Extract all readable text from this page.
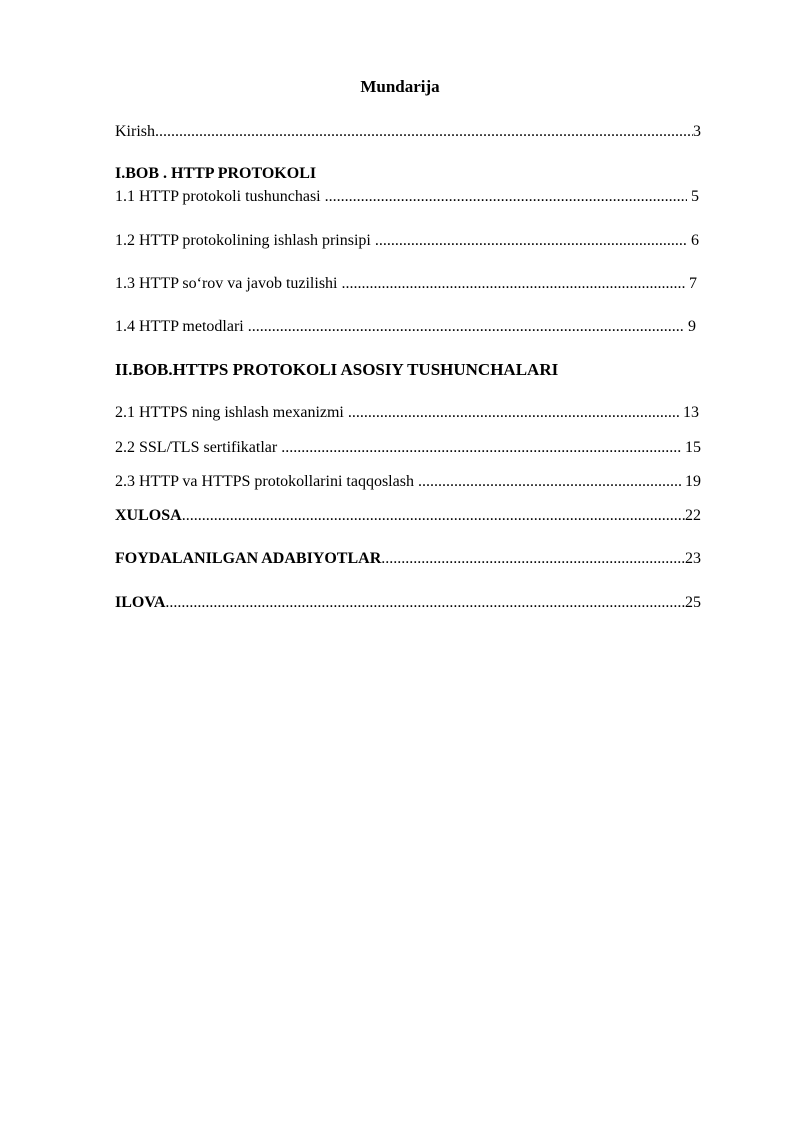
Mundarija
Kirish .....	3
I.BOB . HTTP PROTOKOLI
1.1 HTTP protokoli tushunchasi .....	5
1.2 HTTP protokolining ishlash prinsipi .....	6
1.3 HTTP so‘rov va javob tuzilishi .....	7
1.4 HTTP metodlari .....	9
II.BOB.HTTPS PROTOKOLI ASOSIY TUSHUNCHALARI
2.1 HTTPS ning ishlash mexanizmi .....	13
2.2 SSL/TLS sertifikatlar .....	15
2.3 HTTP va HTTPS protokollarini taqqoslash .....	19
XULOSA .....	22
FOYDALANILGAN ADABIYOTLAR .....	23
ILOVA .....	25
